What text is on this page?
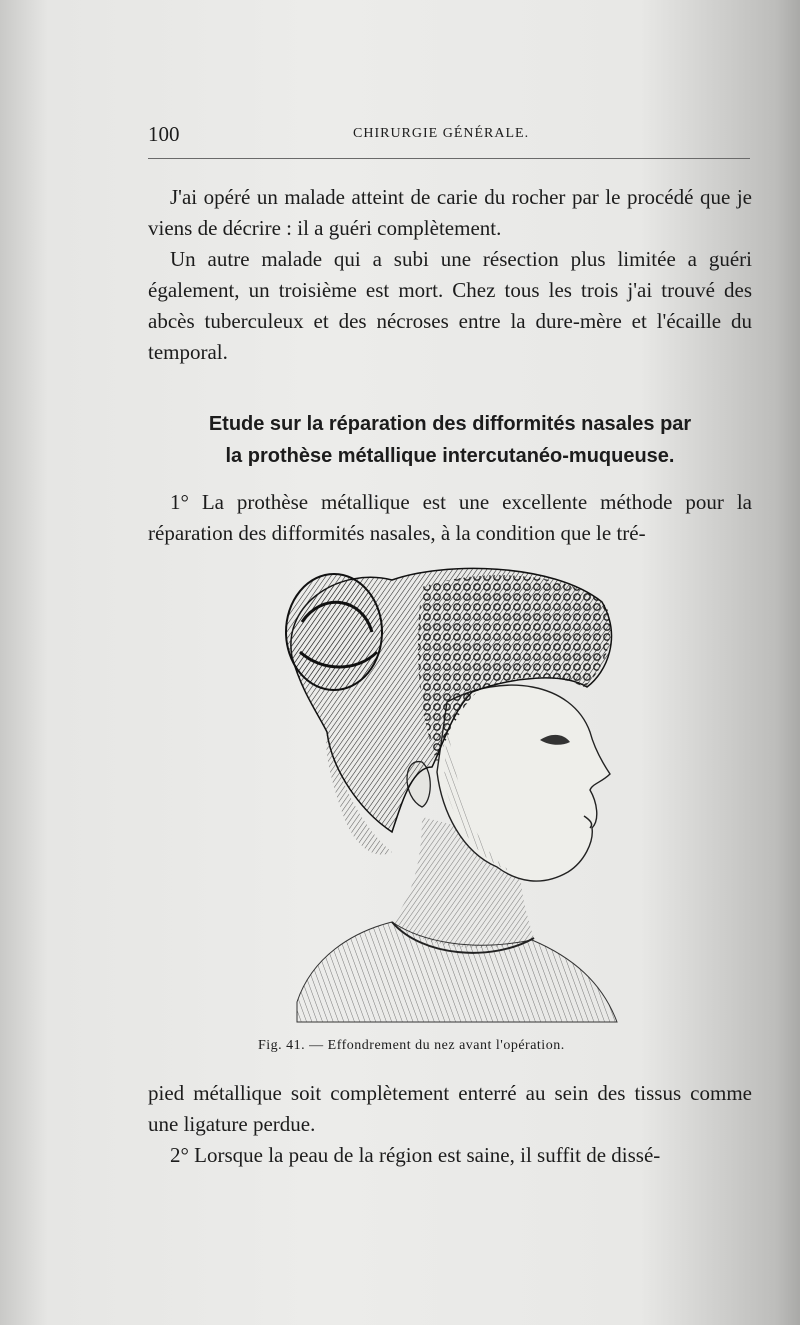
100	CHIRURGIE GÉNÉRALE.

J'ai opéré un malade atteint de carie du rocher par le procédé que je viens de décrire : il a guéri complètement.

Un autre malade qui a subi une résection plus limitée a guéri également, un troisième est mort. Chez tous les trois j'ai trouvé des abcès tuberculeux et des nécroses entre la dure-mère et l'écaille du temporal.

Etude sur la réparation des difformités nasales par
la prothèse métallique intercutanéo-muqueuse.

1° La prothèse métallique est une excellente méthode pour la réparation des difformités nasales, à la condition que le tré-

Fig. 41. — Effondrement du nez avant l'opération.

pied métallique soit complètement enterré au sein des tissus comme une ligature perdue.

2° Lorsque la peau de la région est saine, il suffit de dissé-
